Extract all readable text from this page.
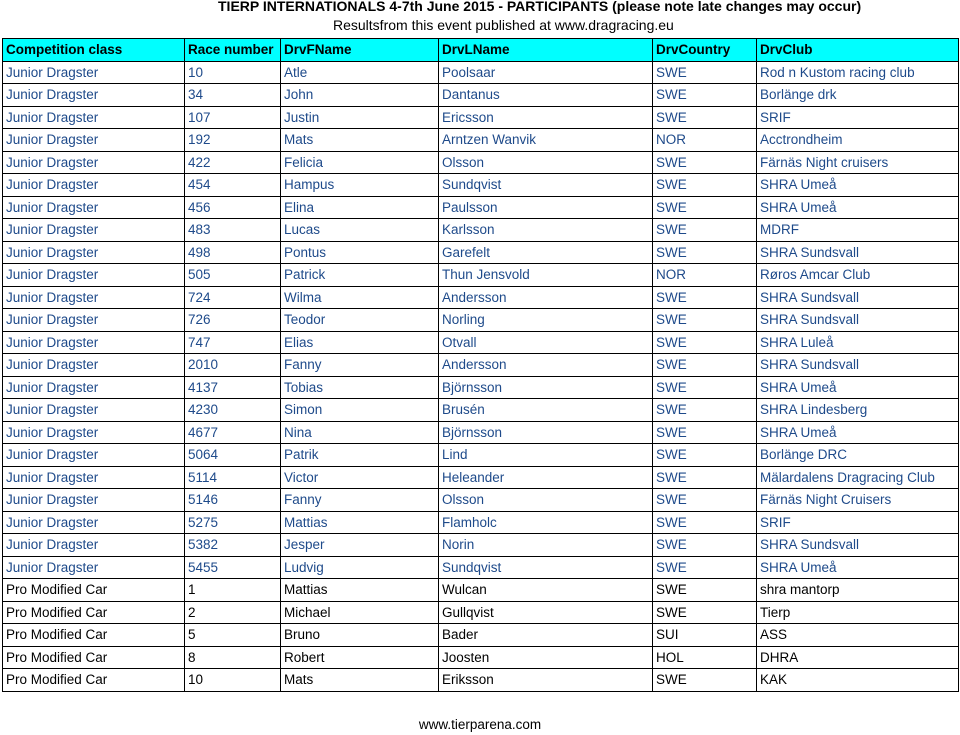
TIERP INTERNATIONALS 4-7th June 2015 - PARTICIPANTS (please note late changes may occur)
Resultsfrom this event published at www.dragracing.eu
Competition class	Race number	DrvFName	DrvLName	DrvCountry	DrvClub
Junior Dragster	10	Atle	Poolsaar	SWE	Rod n Kustom racing club
Junior Dragster	34	John	Dantanus	SWE	Borlänge drk
Junior Dragster	107	Justin	Ericsson	SWE	SRIF
Junior Dragster	192	Mats	Arntzen Wanvik	NOR	Acctrondheim
Junior Dragster	422	Felicia	Olsson	SWE	Färnäs Night cruisers
Junior Dragster	454	Hampus	Sundqvist	SWE	SHRA Umeå
Junior Dragster	456	Elina	Paulsson	SWE	SHRA Umeå
Junior Dragster	483	Lucas	Karlsson	SWE	MDRF
Junior Dragster	498	Pontus	Garefelt	SWE	SHRA Sundsvall
Junior Dragster	505	Patrick	Thun Jensvold	NOR	Røros Amcar Club
Junior Dragster	724	Wilma	Andersson	SWE	SHRA Sundsvall
Junior Dragster	726	Teodor	Norling	SWE	SHRA Sundsvall
Junior Dragster	747	Elias	Otvall	SWE	SHRA Luleå
Junior Dragster	2010	Fanny	Andersson	SWE	SHRA Sundsvall
Junior Dragster	4137	Tobias	Björnsson	SWE	SHRA Umeå
Junior Dragster	4230	Simon	Brusén	SWE	SHRA Lindesberg
Junior Dragster	4677	Nina	Björnsson	SWE	SHRA Umeå
Junior Dragster	5064	Patrik	Lind	SWE	Borlänge DRC
Junior Dragster	5114	Victor	Heleander	SWE	Mälardalens Dragracing Club
Junior Dragster	5146	Fanny	Olsson	SWE	Färnäs Night Cruisers
Junior Dragster	5275	Mattias	Flamholc	SWE	SRIF
Junior Dragster	5382	Jesper	Norin	SWE	SHRA Sundsvall
Junior Dragster	5455	Ludvig	Sundqvist	SWE	SHRA Umeå
Pro Modified Car	1	Mattias	Wulcan	SWE	shra mantorp
Pro Modified Car	2	Michael	Gullqvist	SWE	Tierp
Pro Modified Car	5	Bruno	Bader	SUI	ASS
Pro Modified Car	8	Robert	Joosten	HOL	DHRA
Pro Modified Car	10	Mats	Eriksson	SWE	KAK
www.tierparena.com
